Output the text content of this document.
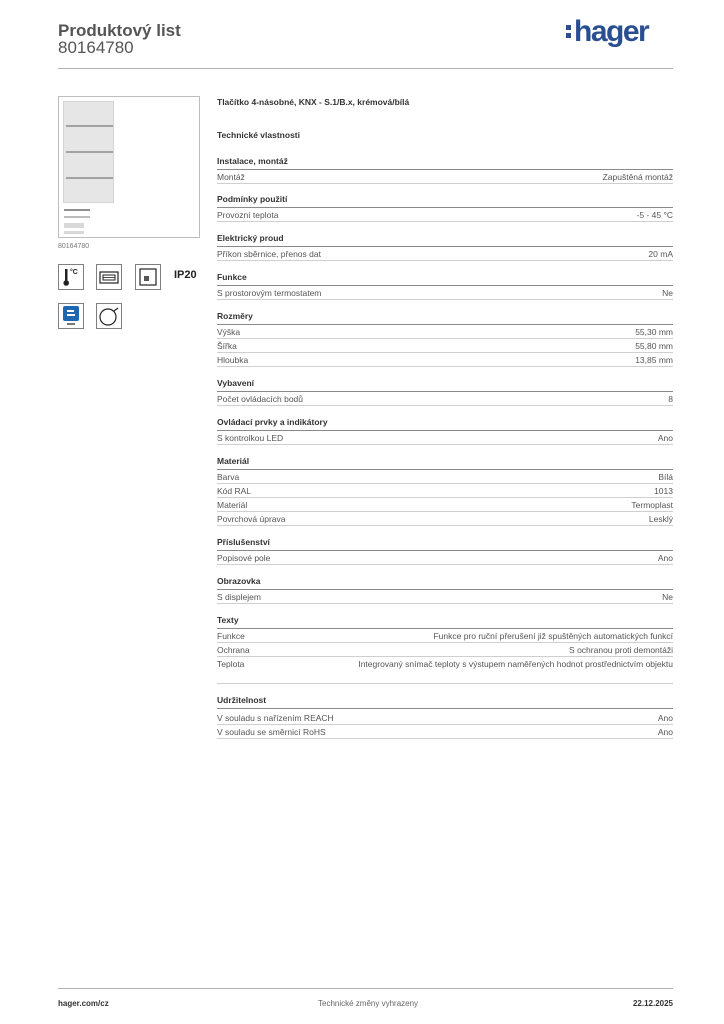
Produktový list
80164780	hager
80164780
°C	IP20
Tlačítko 4-násobné, KNX - S.1/B.x, krémová/bílá
Technické vlastnosti
Instalace, montáž
Montáž	Zapuštěná montáž
Podmínky použití
Provozní teplota	-5 - 45 °C
Elektrický proud
Příkon sběrnice, přenos dat	20 mA
Funkce
S prostorovým termostatem	Ne
Rozměry
Výška	55,30 mm
Šířka	55,80 mm
Hloubka	13,85 mm
Vybavení
Počet ovládacích bodů	8
Ovládací prvky a indikátory
S kontrolkou LED	Ano
Materiál
Barva	Bílá
Kód RAL	1013
Materiál	Termoplast
Povrchová úprava	Lesklý
Příslušenství
Popisové pole	Ano
Obrazovka
S displejem	Ne
Texty
Funkce	Funkce pro ruční přerušení již spuštěných automatických funkcí
Ochrana	S ochranou proti demontáži
Teplota	Integrovaný snímač teploty s výstupem naměřených hodnot prostřednictvím objektu
Udržitelnost
V souladu s nařízením REACH	Ano
V souladu se směrnicí RoHS	Ano
hager.com/cz	Technické změny vyhrazeny	22.12.2025
